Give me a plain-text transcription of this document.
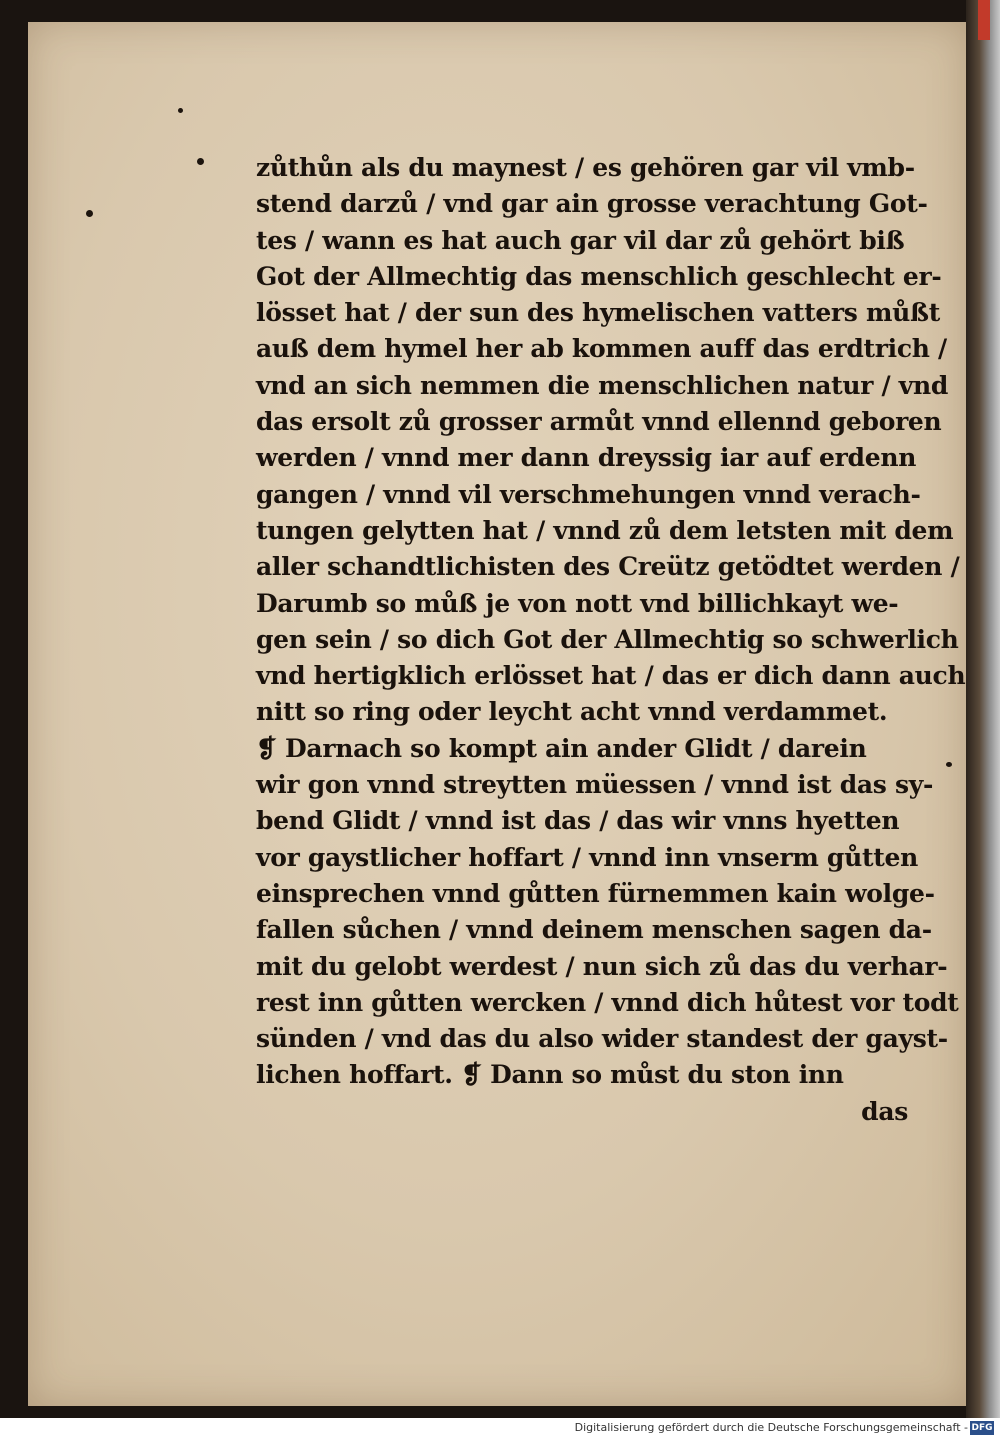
zůthůn als du maynest / es gehören gar vil vmb-
stend darzů / vnd gar ain grosse verachtung Got-
tes / wann es hat auch gar vil dar zů gehört biß
Got der Allmechtig das menschlich geschlecht er-
lösset hat / der sun des hymelischen vatters můßt
auß dem hymel her ab kommen auff das erdtrich /
vnd an sich nemmen die menschlichen natur / vnd
das ersolt zů grosser armůt vnnd ellennd geboren
werden / vnnd mer dann dreyssig iar auf erdenn
gangen / vnnd vil verschmehungen vnnd verach-
tungen gelytten hat / vnnd zů dem letsten mit dem
aller schandtlichisten des Creütz getödtet werden /
Darumb so můß je von nott vnd billichkayt we-
gen sein / so dich Got der Allmechtig so schwerlich
vnd hertigklich erlösset hat / das er dich dann auch
nitt so ring oder leycht acht vnnd verdammet.
❡ Darnach so kompt ain ander Glidt / darein
wir gon vnnd streytten müessen / vnnd ist das sy-
bend Glidt / vnnd ist das / das wir vnns hyetten
vor gaystlicher hoffart / vnnd inn vnserm gůtten
einsprechen vnnd gůtten fürnemmen kain wolge-
fallen sůchen / vnnd deinem menschen sagen da-
mit du gelobt werdest / nun sich zů das du verhar-
rest inn gůtten wercken / vnnd dich hůtest vor todt
sünden / vnd das du also wider standest der gayst-
lichen hoffart. ❡ Dann so můst du ston inn
das
Digitalisierung gefördert durch die Deutsche Forschungsgemeinschaft - DFG
